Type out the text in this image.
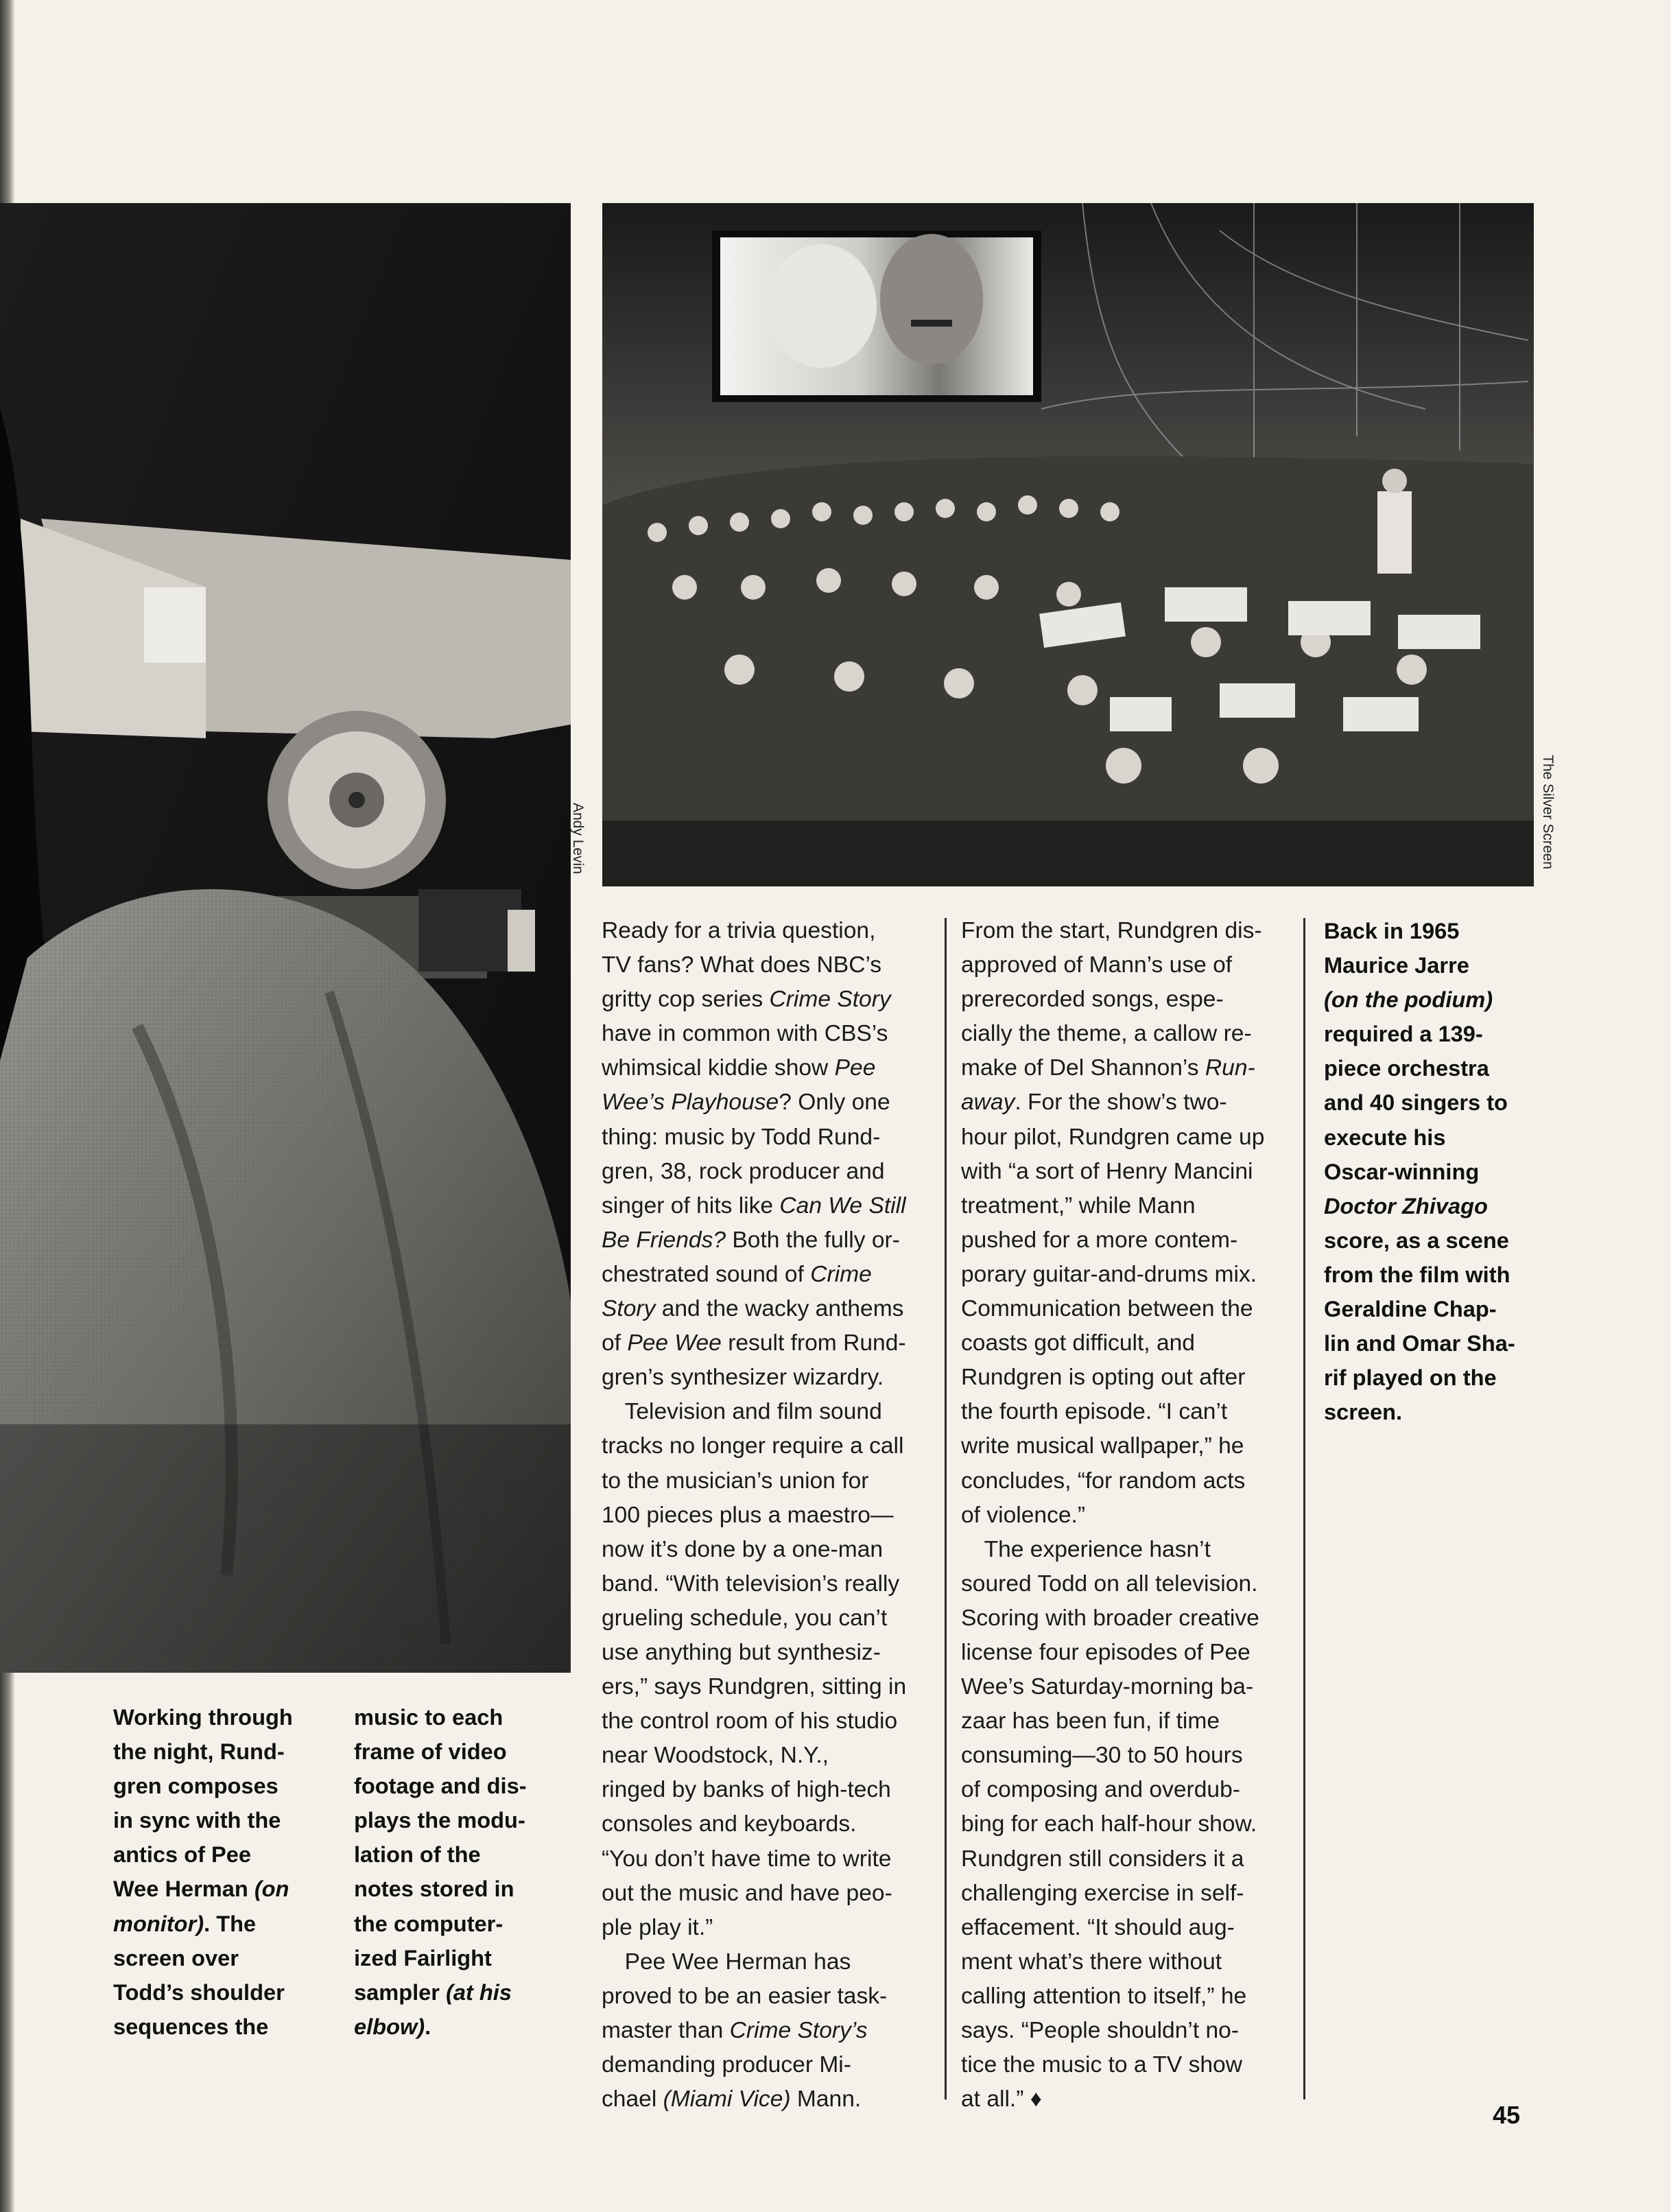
Andy Levin	The Silver Screen
Ready for a trivia question,
TV fans? What does NBC’s
gritty cop series Crime Story
have in common with CBS’s
whimsical kiddie show Pee
Wee’s Playhouse? Only one
thing: music by Todd Rund-
gren, 38, rock producer and
singer of hits like Can We Still
Be Friends? Both the fully or-
chestrated sound of Crime
Story and the wacky anthems
of Pee Wee result from Rund-
gren’s synthesizer wizardry.
 Television and film sound
tracks no longer require a call
to the musician’s union for
100 pieces plus a maestro—
now it’s done by a one-man
band. “With television’s really
grueling schedule, you can’t
use anything but synthesiz-
ers,” says Rundgren, sitting in
the control room of his studio
near Woodstock, N.Y.,
ringed by banks of high-tech
consoles and keyboards.
“You don’t have time to write
out the music and have peo-
ple play it.”
 Pee Wee Herman has
proved to be an easier task-
master than Crime Story’s
demanding producer Mi-
chael (Miami Vice) Mann.
From the start, Rundgren dis-
approved of Mann’s use of
prerecorded songs, espe-
cially the theme, a callow re-
make of Del Shannon’s Run-
away. For the show’s two-
hour pilot, Rundgren came up
with “a sort of Henry Mancini
treatment,” while Mann
pushed for a more contem-
porary guitar-and-drums mix.
Communication between the
coasts got difficult, and
Rundgren is opting out after
the fourth episode. “I can’t
write musical wallpaper,” he
concludes, “for random acts
of violence.”
 The experience hasn’t
soured Todd on all television.
Scoring with broader creative
license four episodes of Pee
Wee’s Saturday-morning ba-
zaar has been fun, if time
consuming—30 to 50 hours
of composing and overdub-
bing for each half-hour show.
Rundgren still considers it a
challenging exercise in self-
effacement. “It should aug-
ment what’s there without
calling attention to itself,” he
says. “People shouldn’t no-
tice the music to a TV show
at all.” ♦
Back in 1965
Maurice Jarre
(on the podium)
required a 139-
piece orchestra
and 40 singers to
execute his
Oscar-winning
Doctor Zhivago
score, as a scene
from the film with
Geraldine Chap-
lin and Omar Sha-
rif played on the
screen.
Working through
the night, Rund-
gren composes
in sync with the
antics of Pee
Wee Herman (on
monitor). The
screen over
Todd’s shoulder
sequences the
music to each
frame of video
footage and dis-
plays the modu-
lation of the
notes stored in
the computer-
ized Fairlight
sampler (at his
elbow).
45
